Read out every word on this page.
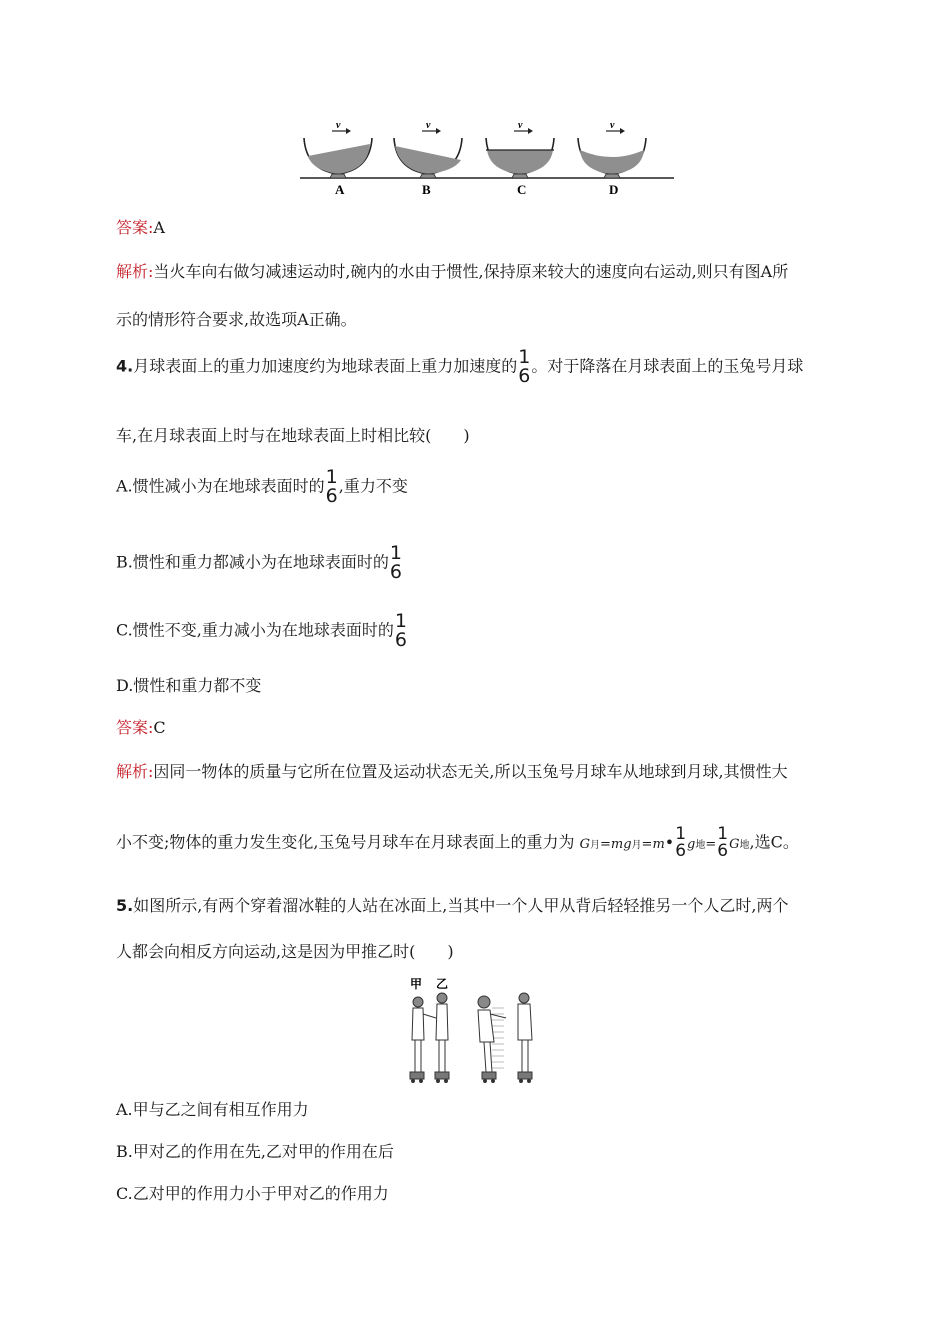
v	v	v	v
A	B	C	D
答案:A
解析:当火车向右做匀减速运动时,碗内的水由于惯性,保持原来较大的速度向右运动,则只有图A所
示的情形符合要求,故选项A正确。
4.月球表面上的重力加速度约为地球表面上重力加速度的 1
6 。对于降落在月球表面上的玉兔号月球
车,在月球表面上时与在地球表面上时相比较(　　)
A.惯性减小为在地球表面时的 1
6 ,重力不变
B.惯性和重力都减小为在地球表面时的 1
6
C.惯性不变,重力减小为在地球表面时的 1
6
D.惯性和重力都不变
答案:C
解析:因同一物体的质量与它所在位置及运动状态无关,所以玉兔号月球车从地球到月球,其惯性大
小不变;物体的重力发生变化,玉兔号月球车在月球表面上的重力为 G月=mg月=m• 1
6 g地= 1
6 G地,选C。
5.如图所示,有两个穿着溜冰鞋的人站在冰面上,当其中一个人甲从背后轻轻推另一个人乙时,两个
人都会向相反方向运动,这是因为甲推乙时(　　)
甲 乙
A.甲与乙之间有相互作用力
B.甲对乙的作用在先,乙对甲的作用在后
C.乙对甲的作用力小于甲对乙的作用力
